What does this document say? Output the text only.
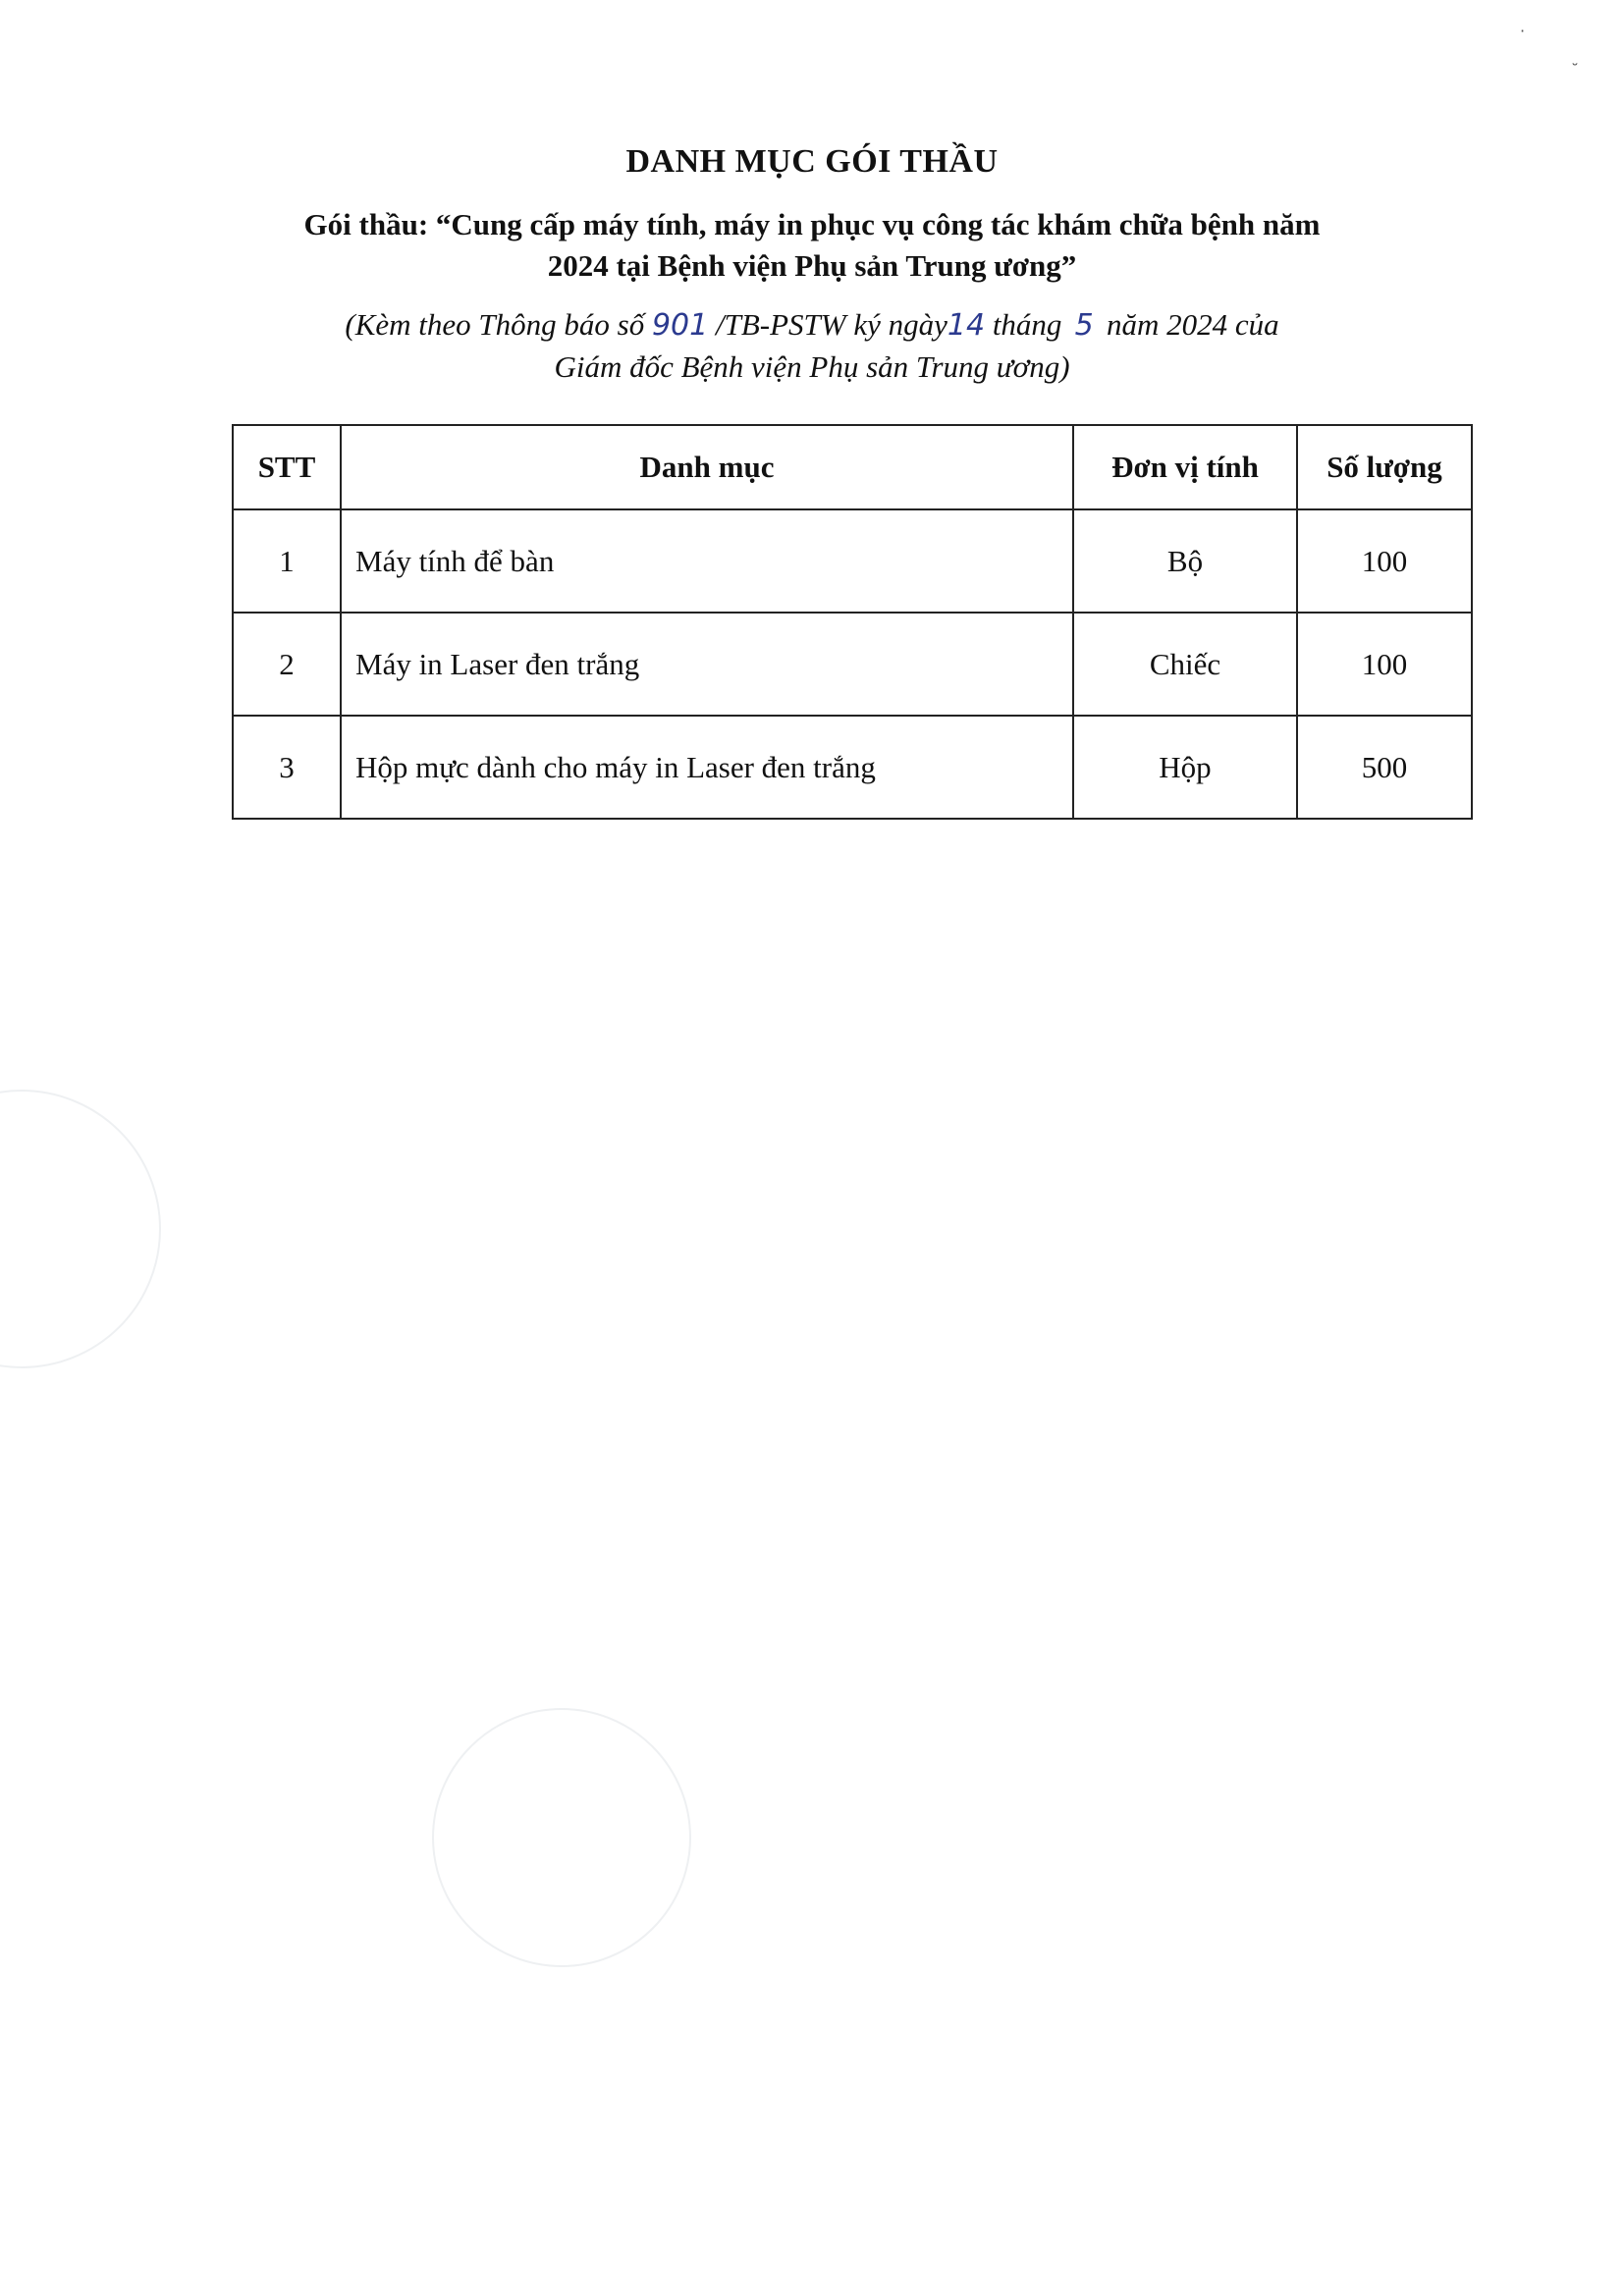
DANH MỤC GÓI THẦU
Gói thầu: “Cung cấp máy tính, máy in phục vụ công tác khám chữa bệnh năm
2024 tại Bệnh viện Phụ sản Trung ương”
(Kèm theo Thông báo số 901 /TB-PSTW ký ngày14 tháng 5 năm 2024 của
Giám đốc Bệnh viện Phụ sản Trung ương)
STT	Danh mục	Đơn vị tính	Số lượng
1	Máy tính để bàn	Bộ	100
2	Máy in Laser đen trắng	Chiếc	100
3	Hộp mực dành cho máy in Laser đen trắng	Hộp	500
·
˘
